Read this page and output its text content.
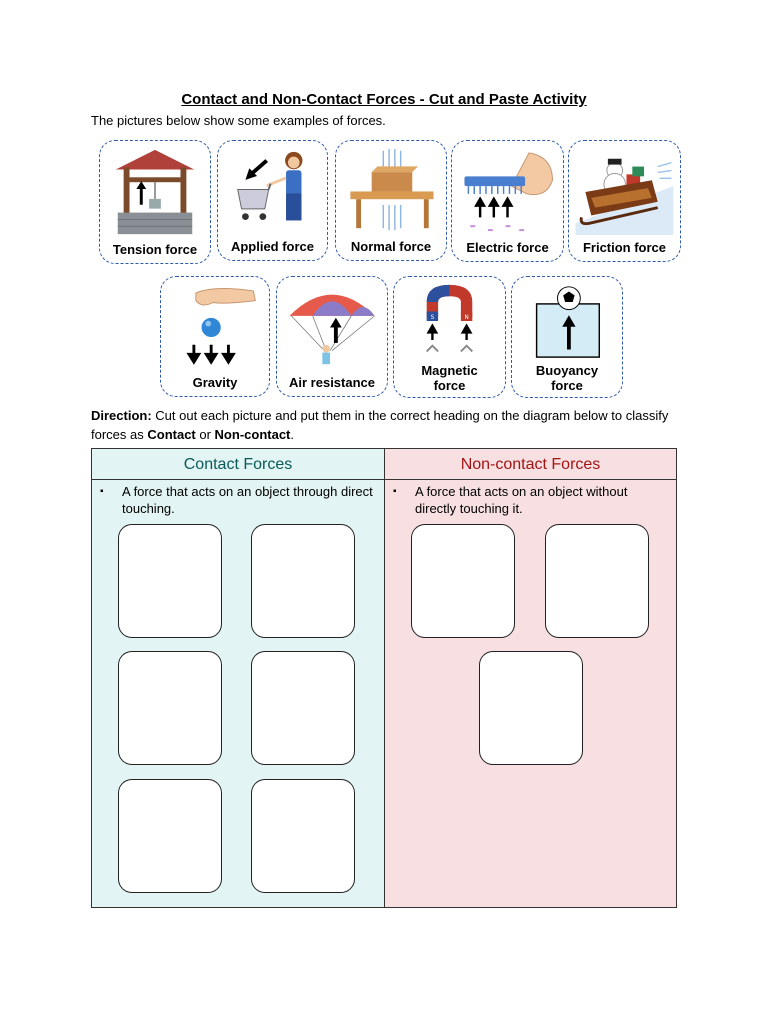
Contact and Non-Contact Forces - Cut and Paste Activity
The pictures below show some examples of forces.
Tension force	Applied force	Normal force	Electric force	Friction force
Gravity	Air resistance
S	N
Magnetic
force
Buoyancy
force
Direction: Cut out each picture and put them in the correct heading on the diagram below to classify forces as Contact or Non-contact.
Contact Forces
▪ A force that acts on an object through direct touching.
Non-contact Forces
▪ A force that acts on an object without directly touching it.
